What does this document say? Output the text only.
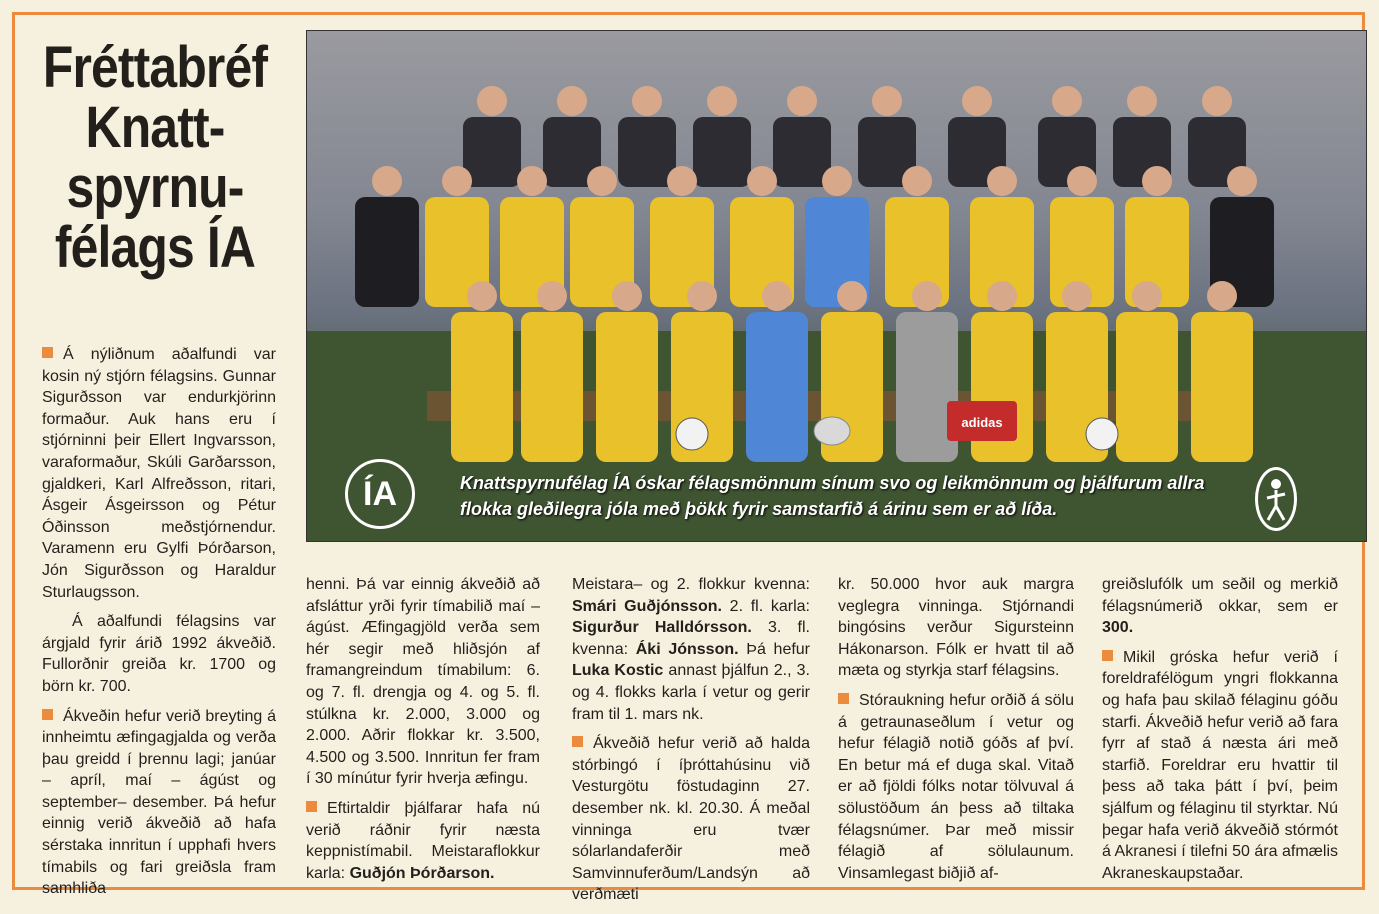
Fréttabréf
Knatt-
spyrnu-
félags ÍA
adidas
ÍA	Knattspyrnufélag ÍA óskar félagsmönnum sínum svo og leikmönnum og þjálfurum allra flokka gleðilegra jóla með þökk fyrir samstarfið á árinu sem er að líða.

Á nýliðnum aðalfundi var kosin ný stjórn félagsins. Gunnar Sigurðsson var endurkjörinn formaður. Auk hans eru í stjórninni þeir Ellert Ingvarsson, varaformaður, Skúli Garðarsson, gjaldkeri, Karl Alfreðsson, ritari, Ásgeir Ásgeirsson og Pétur Óðinsson meðstjórnendur. Varamenn eru Gylfi Þórðarson, Jón Sigurðsson og Haraldur Sturlaugsson.

Á aðalfundi félagsins var árgjald fyrir árið 1992 ákveðið. Fullorðnir greiða kr. 1700 og börn kr. 700.

Ákveðin hefur verið breyting á innheimtu æfingagjalda og verða þau greidd í þrennu lagi; janúar – apríl, maí – ágúst og september– desember. Þá hefur einnig verið ákveðið að hafa sérstaka innritun í upphafi hvers tímabils og fari greiðsla fram samhliða

henni. Þá var einnig ákveðið að afsláttur yrði fyrir tímabilið maí – ágúst. Æfingagjöld verða sem hér segir með hliðsjón af framangreindum tímabilum: 6. og 7. fl. drengja og 4. og 5. fl. stúlkna kr. 2.000, 3.000 og 2.000. Aðrir flokkar kr. 3.500, 4.500 og 3.500. Innritun fer fram í 30 mínútur fyrir hverja æfingu.

Eftirtaldir þjálfarar hafa nú verið ráðnir fyrir næsta keppnistímabil. Meistaraflokkur karla: Guðjón Þórðarson.

Meistara– og 2. flokkur kvenna: Smári Guðjónsson. 2. fl. karla: Sigurður Halldórsson. 3. fl. kvenna: Áki Jónsson. Þá hefur Luka Kostic annast þjálfun 2., 3. og 4. flokks karla í vetur og gerir fram til 1. mars nk.

Ákveðið hefur verið að halda stórbingó í íþróttahúsinu við Vesturgötu föstudaginn 27. desember nk. kl. 20.30. Á meðal vinninga eru tvær sólarlandaferðir með Samvinnuferðum/Landsýn að verðmæti

kr. 50.000 hvor auk margra veglegra vinninga. Stjórnandi bingósins verður Sigursteinn Hákonarson. Fólk er hvatt til að mæta og styrkja starf félagsins.

Stóraukning hefur orðið á sölu á getraunaseðlum í vetur og hefur félagið notið góðs af því. En betur má ef duga skal. Vitað er að fjöldi fólks notar tölvuval á sölustöðum án þess að tiltaka félagsnúmer. Þar með missir félagið af sölulaunum. Vinsamlegast biðjið af-

greiðslufólk um seðil og merkið félagsnúmerið okkar, sem er 300.

Mikil gróska hefur verið í foreldrafélögum yngri flokkanna og hafa þau skilað félaginu góðu starfi. Ákveðið hefur verið að fara fyrr af stað á næsta ári með starfið. Foreldrar eru hvattir til þess að taka þátt í því, þeim sjálfum og félaginu til styrktar. Nú þegar hafa verið ákveðið stórmót á Akranesi í tilefni 50 ára afmælis Akraneskaupstaðar.
